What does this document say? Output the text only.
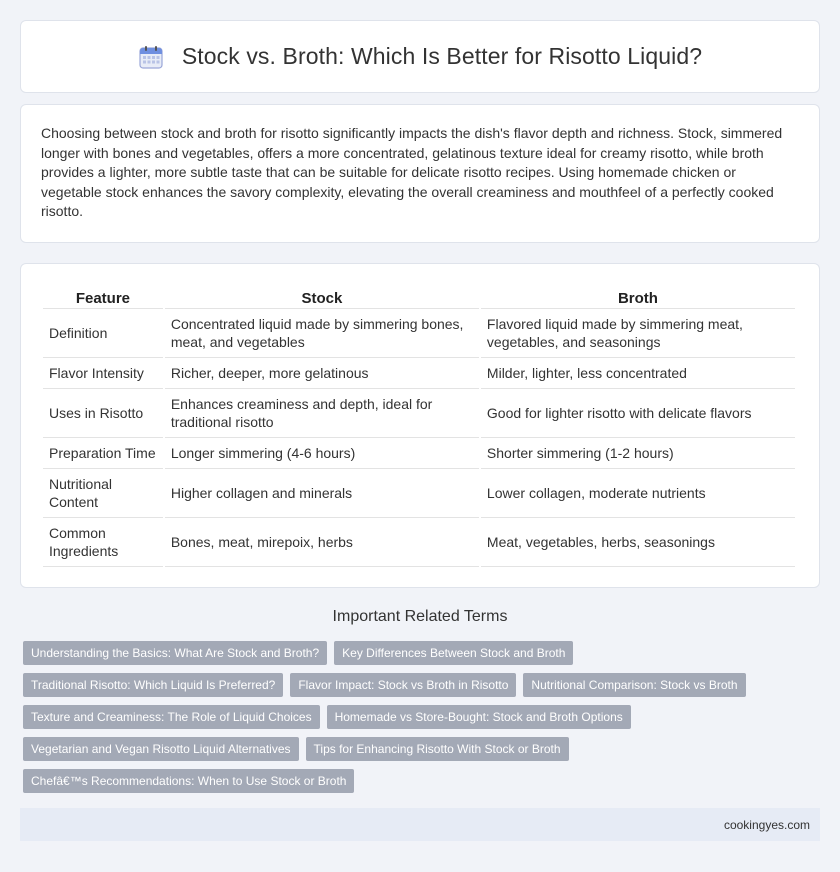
Stock vs. Broth: Which Is Better for Risotto Liquid?

Choosing between stock and broth for risotto significantly impacts the dish's flavor depth and richness. Stock, simmered longer with bones and vegetables, offers a more concentrated, gelatinous texture ideal for creamy risotto, while broth provides a lighter, more subtle taste that can be suitable for delicate risotto recipes. Using homemade chicken or vegetable stock enhances the savory complexity, elevating the overall creaminess and mouthfeel of a perfectly cooked risotto.

Feature	Stock	Broth
Definition	Concentrated liquid made by simmering bones, meat, and vegetables	Flavored liquid made by simmering meat, vegetables, and seasonings
Flavor Intensity	Richer, deeper, more gelatinous	Milder, lighter, less concentrated
Uses in Risotto	Enhances creaminess and depth, ideal for traditional risotto	Good for lighter risotto with delicate flavors
Preparation Time	Longer simmering (4-6 hours)	Shorter simmering (1-2 hours)
Nutritional Content	Higher collagen and minerals	Lower collagen, moderate nutrients
Common Ingredients	Bones, meat, mirepoix, herbs	Meat, vegetables, herbs, seasonings
Important Related Terms
Understanding the Basics: What Are Stock and Broth?	Key Differences Between Stock and Broth
Traditional Risotto: Which Liquid Is Preferred?	Flavor Impact: Stock vs Broth in Risotto	Nutritional Comparison: Stock vs Broth
Texture and Creaminess: The Role of Liquid Choices	Homemade vs Store-Bought: Stock and Broth Options
Vegetarian and Vegan Risotto Liquid Alternatives	Tips for Enhancing Risotto With Stock or Broth
Chefâ€™s Recommendations: When to Use Stock or Broth
cookingyes.com
